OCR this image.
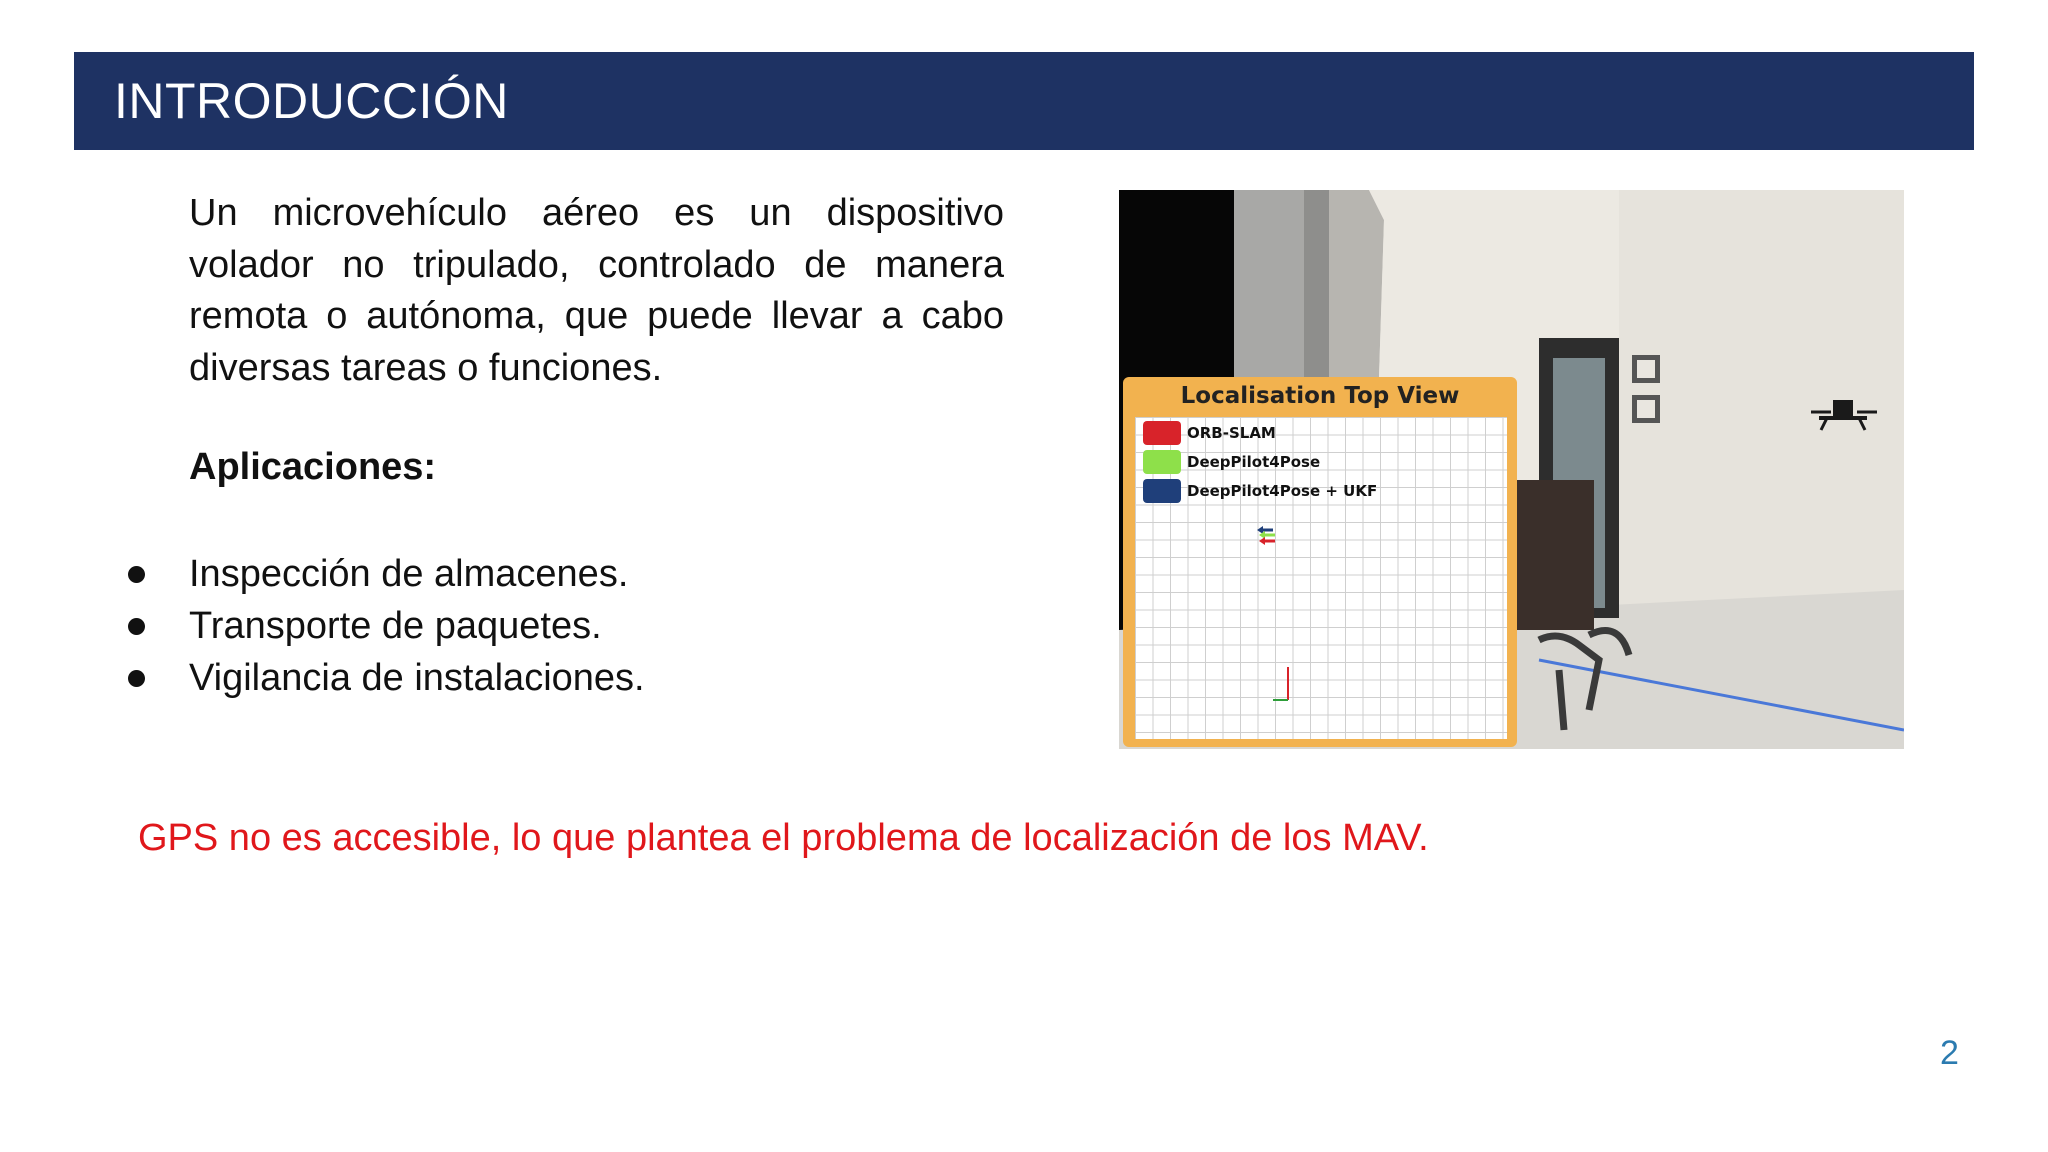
INTRODUCCIÓN
Un microvehículo aéreo es un dispositivo volador no tripulado, controlado de manera remota o autónoma, que puede llevar a cabo diversas tareas o funciones.
Aplicaciones:
Inspección de almacenes.
Transporte de paquetes.
Vigilancia de instalaciones.
Localisation Top View
ORB-SLAM
DeepPilot4Pose
DeepPilot4Pose + UKF
GPS no es accesible, lo que plantea el problema de localización de los MAV.
2
